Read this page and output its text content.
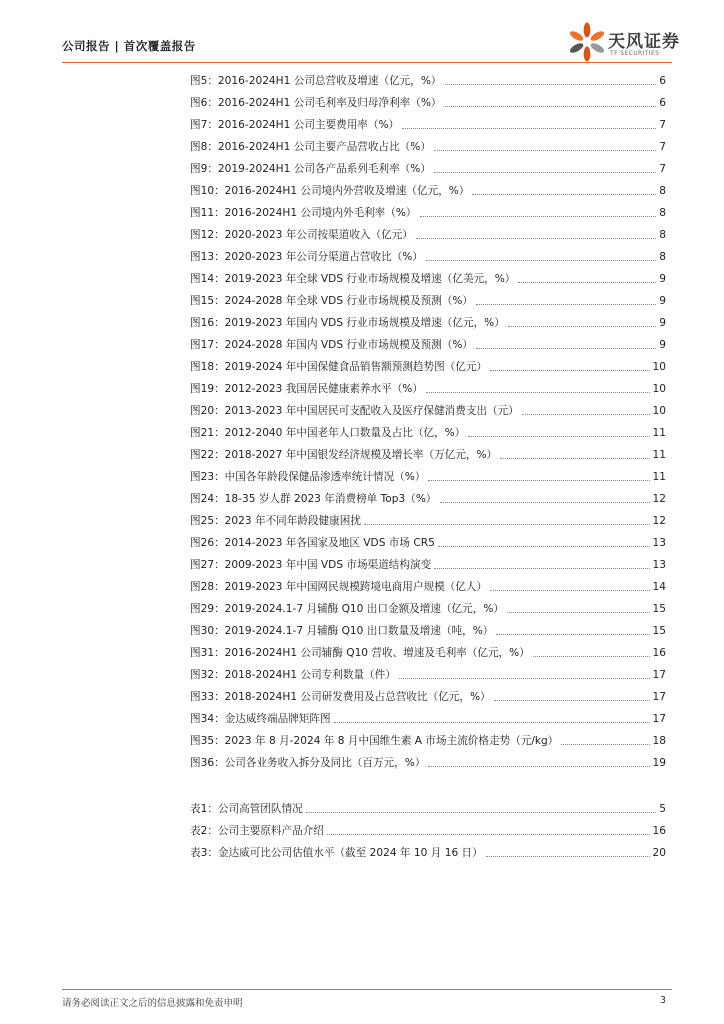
公司报告 | 首次覆盖报告	天风证券
TF SECURITIES
图5：2016-2024H1 公司总营收及增速（亿元，%）	6
图6：2016-2024H1 公司毛利率及归母净利率（%）	6
图7：2016-2024H1 公司主要费用率（%）	7
图8：2016-2024H1 公司主要产品营收占比（%）	7
图9：2019-2024H1 公司各产品系列毛利率（%）	7
图10：2016-2024H1 公司境内外营收及增速（亿元，%）	8
图11：2016-2024H1 公司境内外毛利率（%）	8
图12：2020-2023 年公司按渠道收入（亿元）	8
图13：2020-2023 年公司分渠道占营收比（%）	8
图14：2019-2023 年全球 VDS 行业市场规模及增速（亿美元，%）	9
图15：2024-2028 年全球 VDS 行业市场规模及预测（%）	9
图16：2019-2023 年国内 VDS 行业市场规模及增速（亿元，%）	9
图17：2024-2028 年国内 VDS 行业市场规模及预测（%）	9
图18：2019-2024 年中国保健食品销售额预测趋势图（亿元）	10
图19：2012-2023 我国居民健康素养水平（%）	10
图20：2013-2023 年中国居民可支配收入及医疗保健消费支出（元）	10
图21：2012-2040 年中国老年人口数量及占比（亿，%）	11
图22：2018-2027 年中国银发经济规模及增长率（万亿元，%）	11
图23：中国各年龄段保健品渗透率统计情况（%）	11
图24：18-35 岁人群 2023 年消费榜单 Top3（%）	12
图25：2023 年不同年龄段健康困扰	12
图26：2014-2023 年各国家及地区 VDS 市场 CR5	13
图27：2009-2023 年中国 VDS 市场渠道结构演变	13
图28：2019-2023 年中国网民规模跨境电商用户规模（亿人）	14
图29：2019-2024.1-7 月辅酶 Q10 出口金额及增速（亿元，%）	15
图30：2019-2024.1-7 月辅酶 Q10 出口数量及增速（吨，%）	15
图31：2016-2024H1 公司辅酶 Q10 营收、增速及毛利率（亿元，%）	16
图32：2018-2024H1 公司专利数量（件）	17
图33：2018-2024H1 公司研发费用及占总营收比（亿元，%）	17
图34：金达威终端品牌矩阵图	17
图35：2023 年 8 月-2024 年 8 月中国维生素 A 市场主流价格走势（元/kg）	18
图36：公司各业务收入拆分及同比（百万元，%）	19
表1：公司高管团队情况	5
表2：公司主要原料产品介绍	16
表3：金达威可比公司估值水平（截至 2024 年 10 月 16 日）	20
请务必阅读正文之后的信息披露和免责申明	3
